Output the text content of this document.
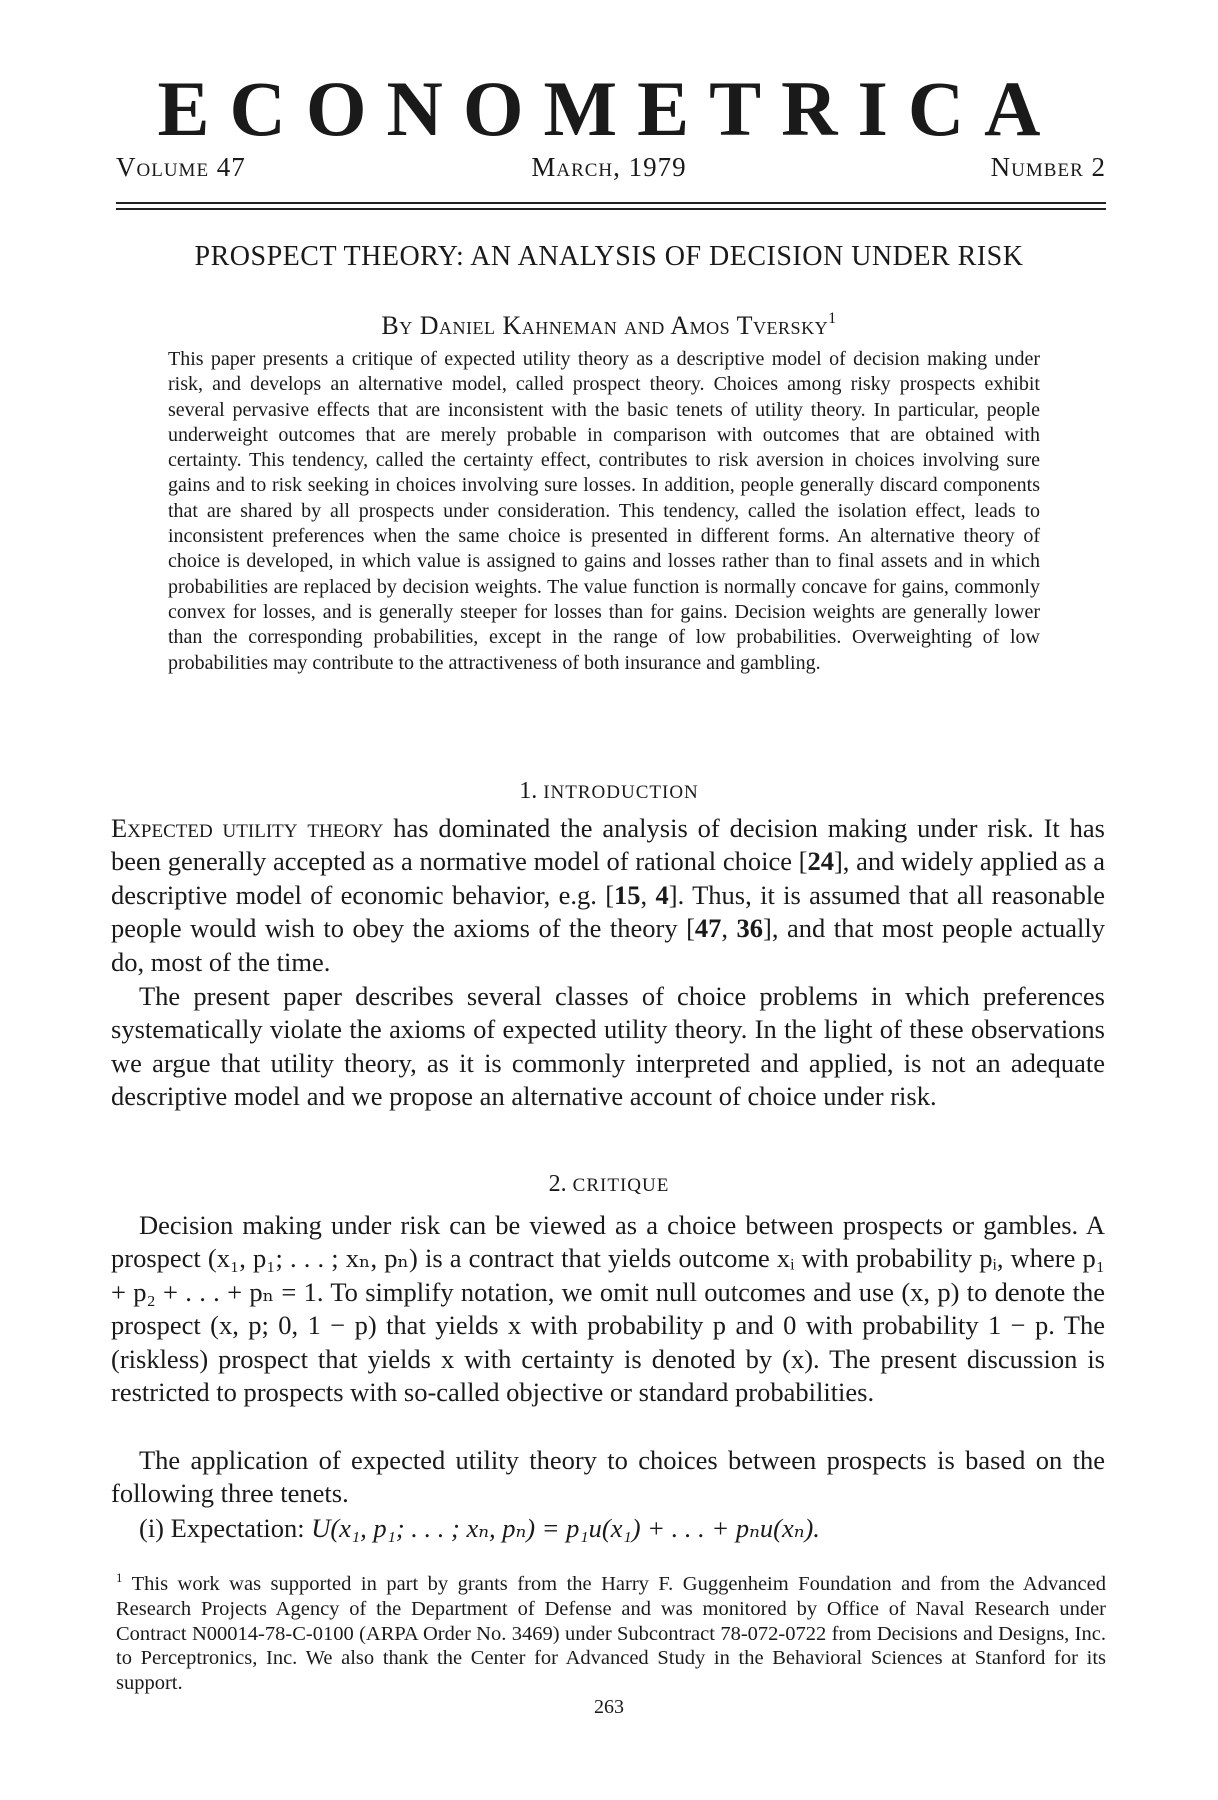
ECONOMETRICA
Volume 47	March, 1979	Number 2
PROSPECT THEORY: AN ANALYSIS OF DECISION UNDER RISK
By Daniel Kahneman and Amos Tversky$^1$

This paper presents a critique of expected utility theory as a descriptive model of decision making under risk, and develops an alternative model, called prospect theory. Choices among risky prospects exhibit several pervasive effects that are inconsistent with the basic tenets of utility theory. In particular, people underweight outcomes that are merely probable in comparison with outcomes that are obtained with certainty. This tendency, called the certainty effect, contributes to risk aversion in choices involving sure gains and to risk seeking in choices involving sure losses. In addition, people generally discard components that are shared by all prospects under consideration. This tendency, called the isolation effect, leads to inconsistent preferences when the same choice is presented in different forms. An alternative theory of choice is developed, in which value is assigned to gains and losses rather than to final assets and in which probabilities are replaced by decision weights. The value function is normally concave for gains, commonly convex for losses, and is generally steeper for losses than for gains. Decision weights are generally lower than the corresponding probabilities, except in the range of low probabilities. Overweighting of low probabilities may contribute to the attractiveness of both insurance and gambling.

1. INTRODUCTION

Expected utility theory has dominated the analysis of decision making under risk. It has been generally accepted as a normative model of rational choice [24], and widely applied as a descriptive model of economic behavior, e.g. [15, 4]. Thus, it is assumed that all reasonable people would wish to obey the axioms of the theory [47, 36], and that most people actually do, most of the time.

The present paper describes several classes of choice problems in which preferences systematically violate the axioms of expected utility theory. In the light of these observations we argue that utility theory, as it is commonly interpreted and applied, is not an adequate descriptive model and we propose an alternative account of choice under risk.

2. CRITIQUE

Decision making under risk can be viewed as a choice between prospects or gambles. A prospect (x₁, p₁; . . . ; xₙ, pₙ) is a contract that yields outcome xᵢ with probability pᵢ, where p₁ + p₂ + . . . + pₙ = 1. To simplify notation, we omit null outcomes and use (x, p) to denote the prospect (x, p; 0, 1 − p) that yields x with probability p and 0 with probability 1 − p. The (riskless) prospect that yields x with certainty is denoted by (x). The present discussion is restricted to prospects with so-called objective or standard probabilities.

The application of expected utility theory to choices between prospects is based on the following three tenets.

(i) Expectation: U(x₁, p₁; . . . ; xₙ, pₙ) = p₁u(x₁) + . . . + pₙu(xₙ).

$^1$ This work was supported in part by grants from the Harry F. Guggenheim Foundation and from the Advanced Research Projects Agency of the Department of Defense and was monitored by Office of Naval Research under Contract N00014-78-C-0100 (ARPA Order No. 3469) under Subcontract 78-072-0722 from Decisions and Designs, Inc. to Perceptronics, Inc. We also thank the Center for Advanced Study in the Behavioral Sciences at Stanford for its support.

263
